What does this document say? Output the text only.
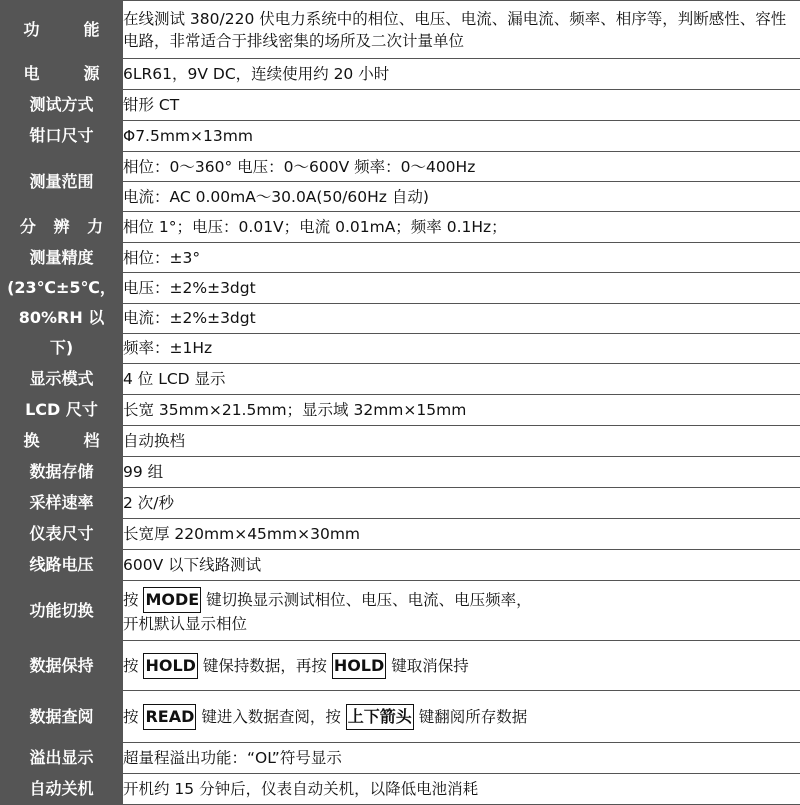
功　能	在线测试 380/220 伏电力系统中的相位、电压、电流、漏电流、频率、相序等，判断感性、容性电路，非常适合于排线密集的场所及二次计量单位
电　源	6LR61，9V DC，连续使用约 20 小时
测试方式	钳形 CT
钳口尺寸	Φ7.5mm×13mm
测量范围	相位：0～360° 电压：0～600V 频率：0～400Hz
	电流：AC 0.00mA～30.0A(50/60Hz 自动)
分 辨 力	相位 1°；电压：0.01V；电流 0.01mA；频率 0.1Hz；

测量精度
(23℃±5℃，
80%RH 以
下)	相位：±3°
	电压：±2%±3dgt
	电流：±2%±3dgt
	频率：±1Hz
显示模式	4 位 LCD 显示
LCD 尺寸	长宽 35mm×21.5mm；显示域 32mm×15mm
换　档	自动换档
数据存储	99 组
采样速率	2 次/秒
仪表尺寸	长宽厚 220mm×45mm×30mm
线路电压	600V 以下线路测试
功能切换	按 MODE 键切换显示测试相位、电压、电流、电压频率，
开机默认显示相位

数据保持	按 HOLD 键保持数据，再按 HOLD 键取消保持
数据查阅	按 READ 键进入数据查阅，按 上下箭头 键翻阅所存数据
溢出显示	超量程溢出功能：“OL”符号显示
自动关机	开机约 15 分钟后，仪表自动关机，以降低电池消耗
